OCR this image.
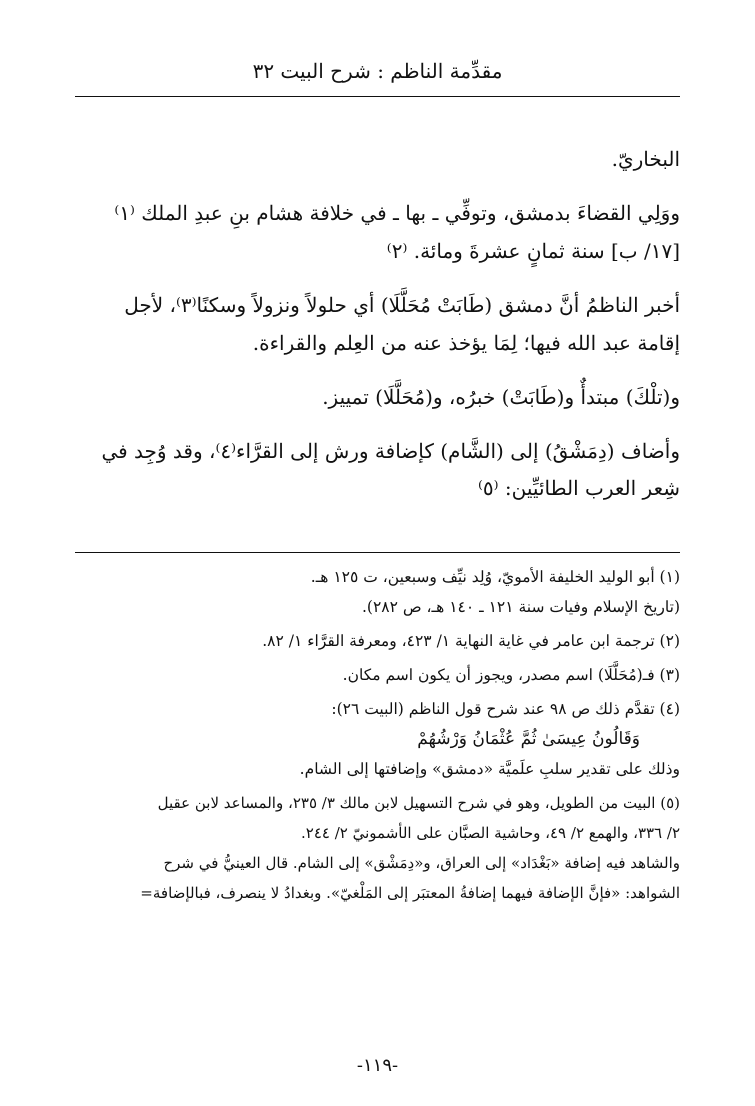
مقدِّمة الناظم : شرح البيت ٣٢

البخاريّ.

ووَلِي القضاءَ بدمشق، وتوفِّي ـ بها ـ في خلافة هشام بنِ عبدِ الملك ⁽١⁾

[١٧/ ب] سنة ثمانٍ عشرةَ ومائة. ⁽٢⁾

أخبر الناظمُ أنَّ دمشق (طَابَتْ مُحَلَّلَا) أي حلولاً ونزولاً وسكنًا⁽٣⁾، لأجل

إقامة عبد الله فيها؛ لِمَا يؤخذ عنه من العِلم والقراءة.

و(تلْكَ) مبتدأٌ و(طَابَتْ) خبرُه، و(مُحَلَّلَا) تمييز.

وأضاف (دِمَشْقُ) إلى (الشَّام) كإضافة ورش إلى القرَّاء⁽٤⁾، وقد وُجِد في

شِعر العرب الطائيِّين: ⁽٥⁾

(١) أبو الوليد الخليفة الأمويّ، وُلِد نيِّف وسبعين، ت ١٢٥ هـ.

(تاريخ الإسلام وفيات سنة ١٢١ ـ ١٤٠ هـ، ص ٢٨٢).

(٢) ترجمة ابن عامر في غاية النهاية ١/ ٤٢٣، ومعرفة القرَّاء ١/ ٨٢.

(٣) فـ(مُحَلَّلَا) اسم مصدر، ويجوز أن يكون اسم مكان.

(٤) تقدَّم ذلك ص ٩٨ عند شرح قول الناظم (البيت ٢٦):

وَقَالُونُ عِيسَىٰ ثُمَّ عُثْمَانُ وَرْشُهُمْ

وذلك على تقدير سلبِ علَميَّة «دمشق» وإضافتها إلى الشام.

(٥) البيت من الطويل، وهو في شرح التسهيل لابن مالك ٣/ ٢٣٥، والمساعد لابن عقيل

٢/ ٣٣٦، والهمع ٢/ ٤٩، وحاشية الصبَّان على الأشمونيّ ٢/ ٢٤٤.

والشاهد فيه إضافة «بَغْدَاد» إلى العراق، و«دِمَشْق» إلى الشام. قال العينيُّ في شرح

الشواهد: «فإنَّ الإضافة فيهما إضافةُ المعتبَر إلى المَلْغيّ». وبغدادُ لا ينصرف، فبالإضافة=

-١١٩-
